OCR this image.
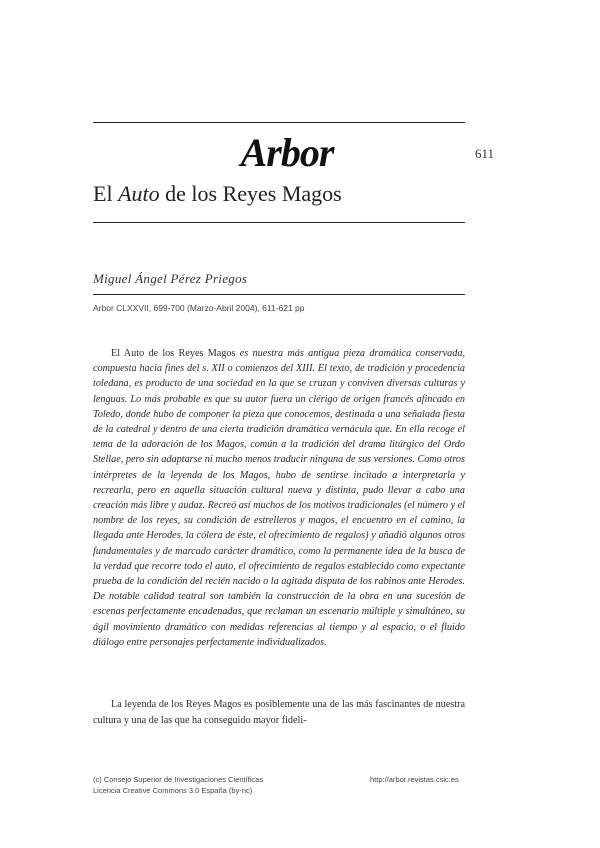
Arbor	611
El Auto de los Reyes Magos
Miguel Ángel Pérez Priegos
Arbor CLXXVII, 699-700 (Marzo-Abril 2004), 611-621 pp
El Auto de los Reyes Magos es nuestra más antigua pieza dramática conservada, compuesta hacia fines del s. XII o comienzos del XIII. El texto, de tradición y procedencia toledana, es producto de una sociedad en la que se cruzan y conviven diversas culturas y lenguas. Lo más probable es que su autor fuera un clérigo de origen francés afincado en Toledo, donde hubo de componer la pieza que conocemos, destinada a una señalada fiesta de la catedral y dentro de una cierta tradición dramática vernácula que. En ella recoge el tema de la adoración de los Magos, común a la tradición del drama litúrgico del Ordo Stellae, pero sin adaptarse ni mucho menos traducir ninguna de sus versiones. Como otros intérpretes de la leyenda de los Magos, hubo de sentirse incitado a interpretarla y recrearla, pero en aquella situación cultural nueva y distinta, pudo llevar a cabo una creación más libre y audaz. Recreó así muchos de los motivos tradicionales (el número y el nombre de los reyes, su condición de estrelleros y magos, el encuentro en el camino, la llegada ante Herodes, la cólera de éste, el ofrecimiento de regalos) y añadió algunos otros fundamentales y de marcado carácter dramático, como la permanente idea de la busca de la verdad que recorre todo el auto, el ofrecimiento de regalos establecido como expectante prueba de la condición del recién nacido o la agitada disputa de los rabinos ante Herodes. De notable calidad teatral son también la construcción de la obra en una sucesión de escenas perfectamente encadenadas, que reclaman un escenario múltiple y simultáneo, su ágil movimiento dramático con medidas referencias al tiempo y al espacio, o el fluido diálogo entre personajes perfectamente individualizados.
La leyenda de los Reyes Magos es posiblemente una de las más fascinantes de nuestra cultura y una de las que ha conseguido mayor fideli-
(c) Consejo Superior de Investigaciones Científicas
Licencia Creative Commons 3.0 España (by-nc)
http://arbor.revistas.csic.es
